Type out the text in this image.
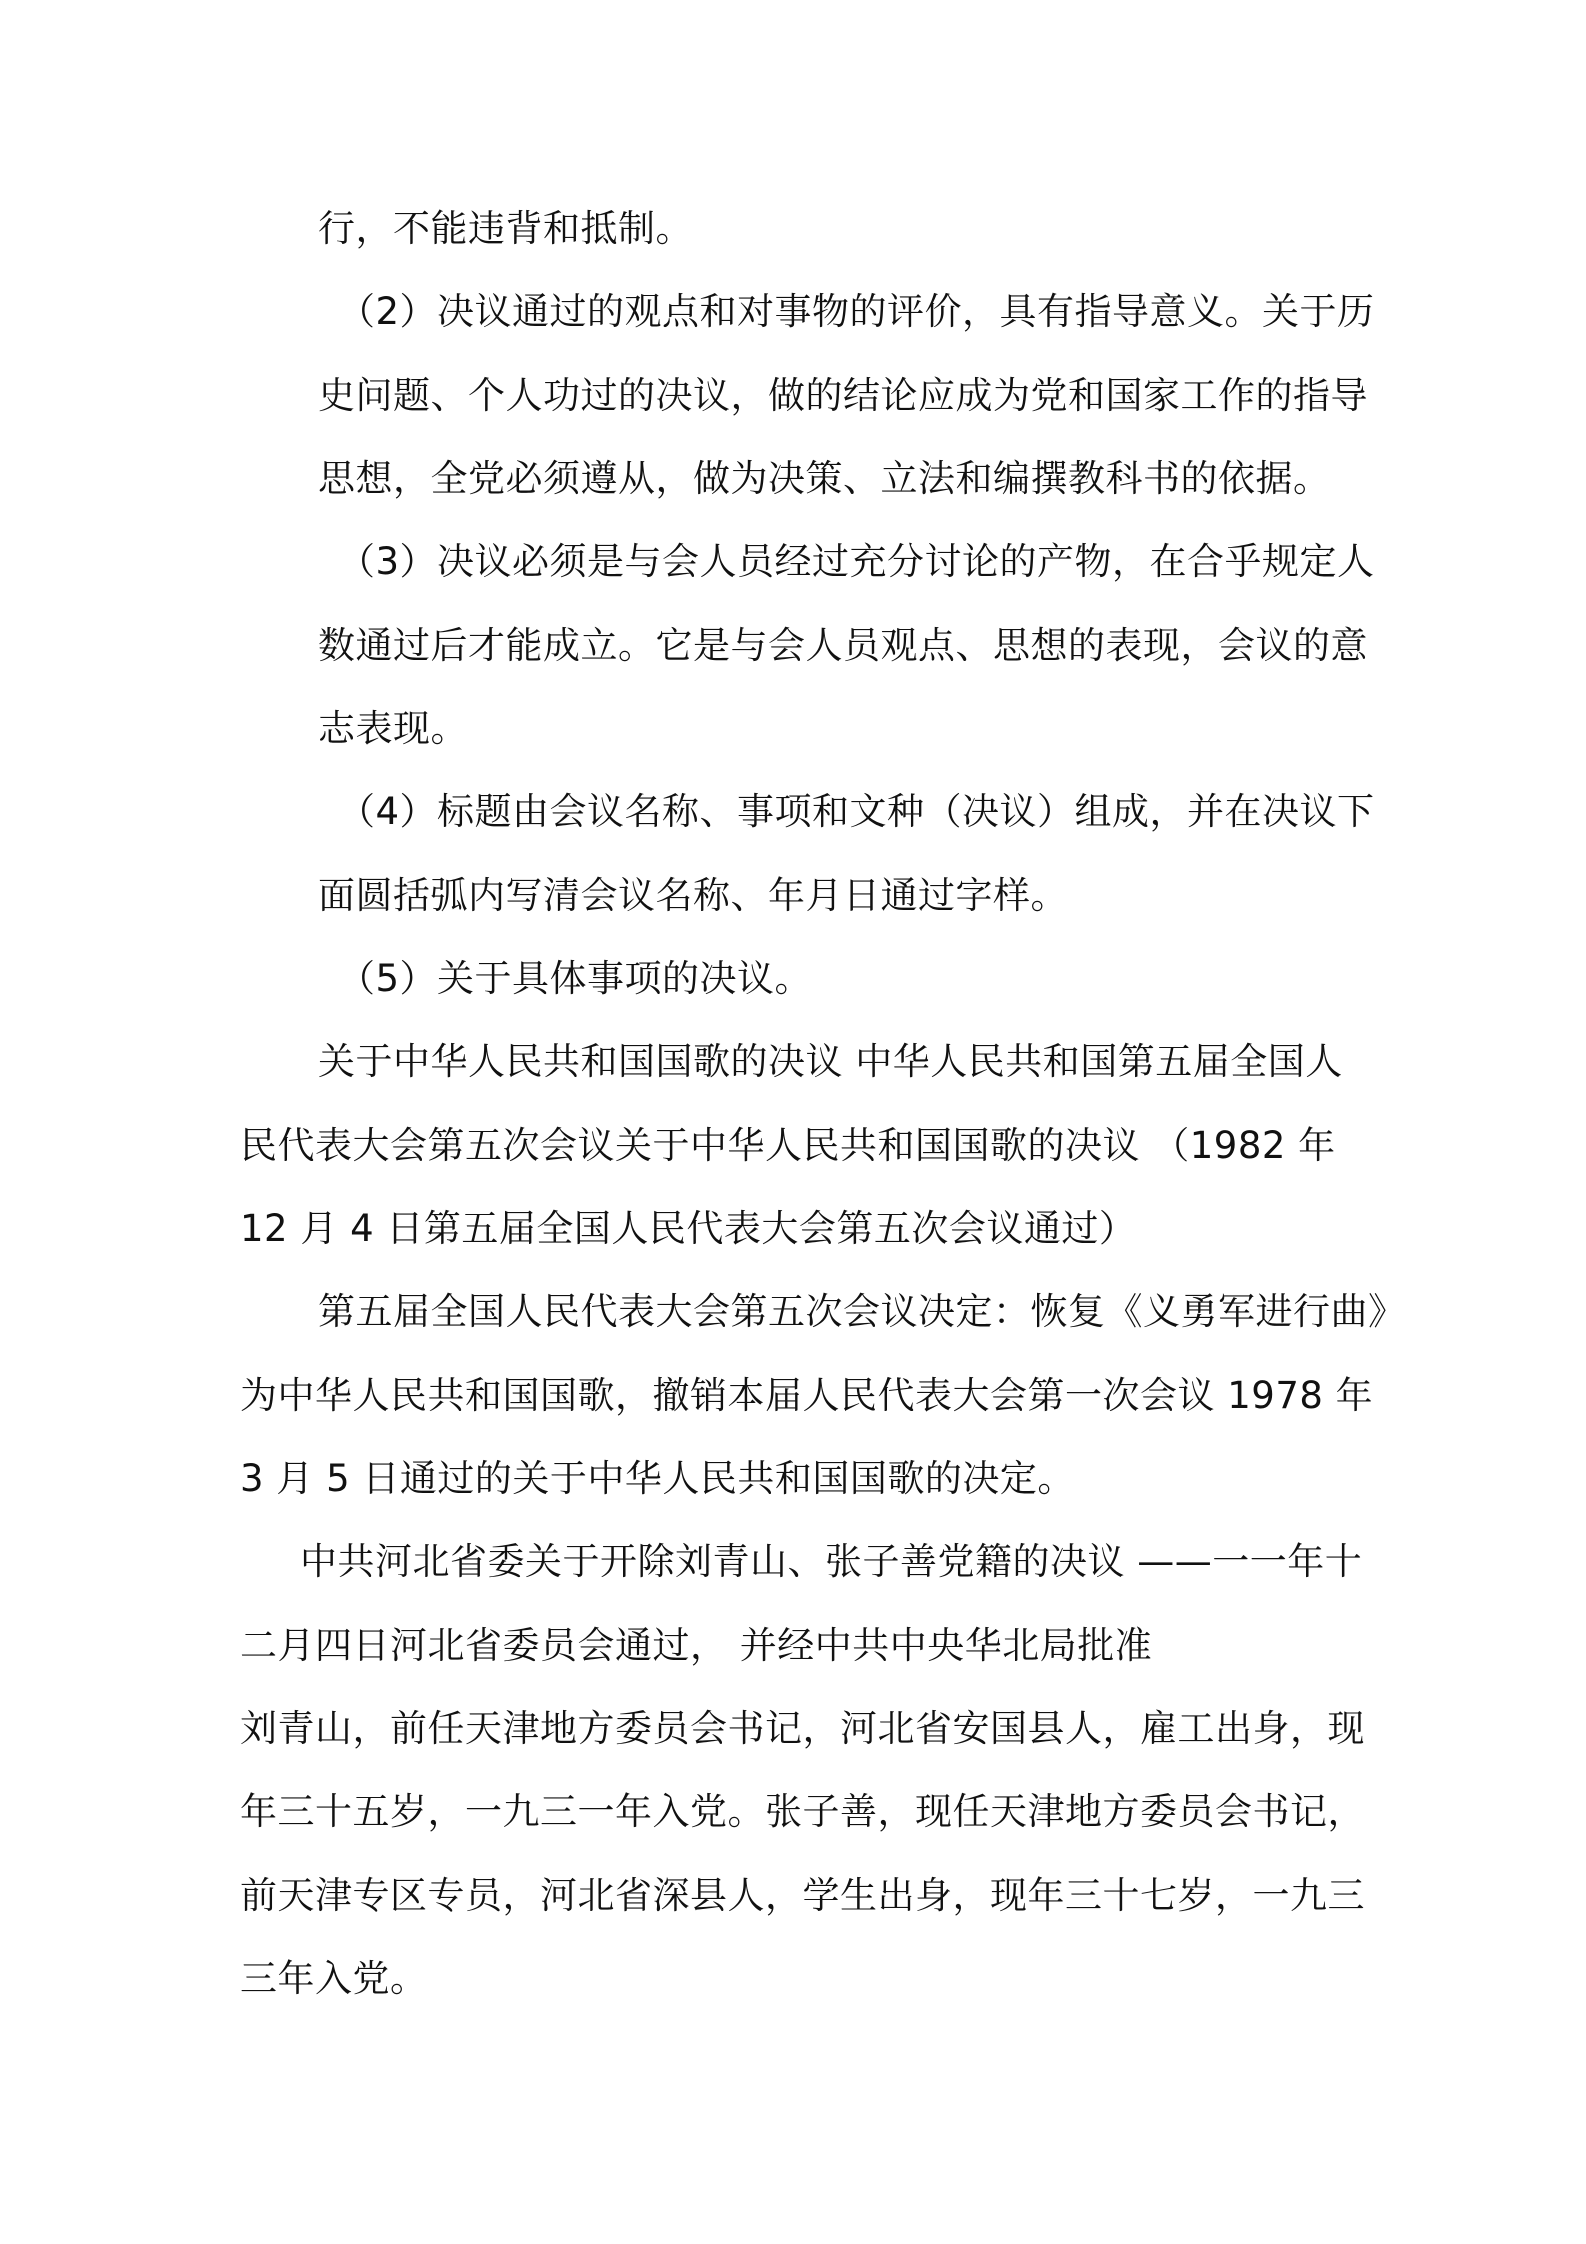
行，不能违背和抵制。
（2）决议通过的观点和对事物的评价，具有指导意义。关于历
史问题、个人功过的决议，做的结论应成为党和国家工作的指导
思想，全党必须遵从，做为决策、立法和编撰教科书的依据。
（3）决议必须是与会人员经过充分讨论的产物，在合乎规定人
数通过后才能成立。它是与会人员观点、思想的表现，会议的意
志表现。
（4）标题由会议名称、事项和文种（决议）组成，并在决议下
面圆括弧内写清会议名称、年月日通过字样。
（5）关于具体事项的决议。
关于中华人民共和国国歌的决议 中华人民共和国第五届全国人
民代表大会第五次会议关于中华人民共和国国歌的决议 （1982 年
12 月 4 日第五届全国人民代表大会第五次会议通过）
第五届全国人民代表大会第五次会议决定：恢复《义勇军进行曲》
为中华人民共和国国歌，撤销本届人民代表大会第一次会议 1978 年
3 月 5 日通过的关于中华人民共和国国歌的决定。
中共河北省委关于开除刘青山、张子善党籍的决议 ——一一年十
二月四日河北省委员会通过， 并经中共中央华北局批准
刘青山，前任天津地方委员会书记，河北省安国县人，雇工出身，现
年三十五岁，一九三一年入党。张子善，现任天津地方委员会书记，
前天津专区专员，河北省深县人，学生出身，现年三十七岁，一九三
三年入党。
